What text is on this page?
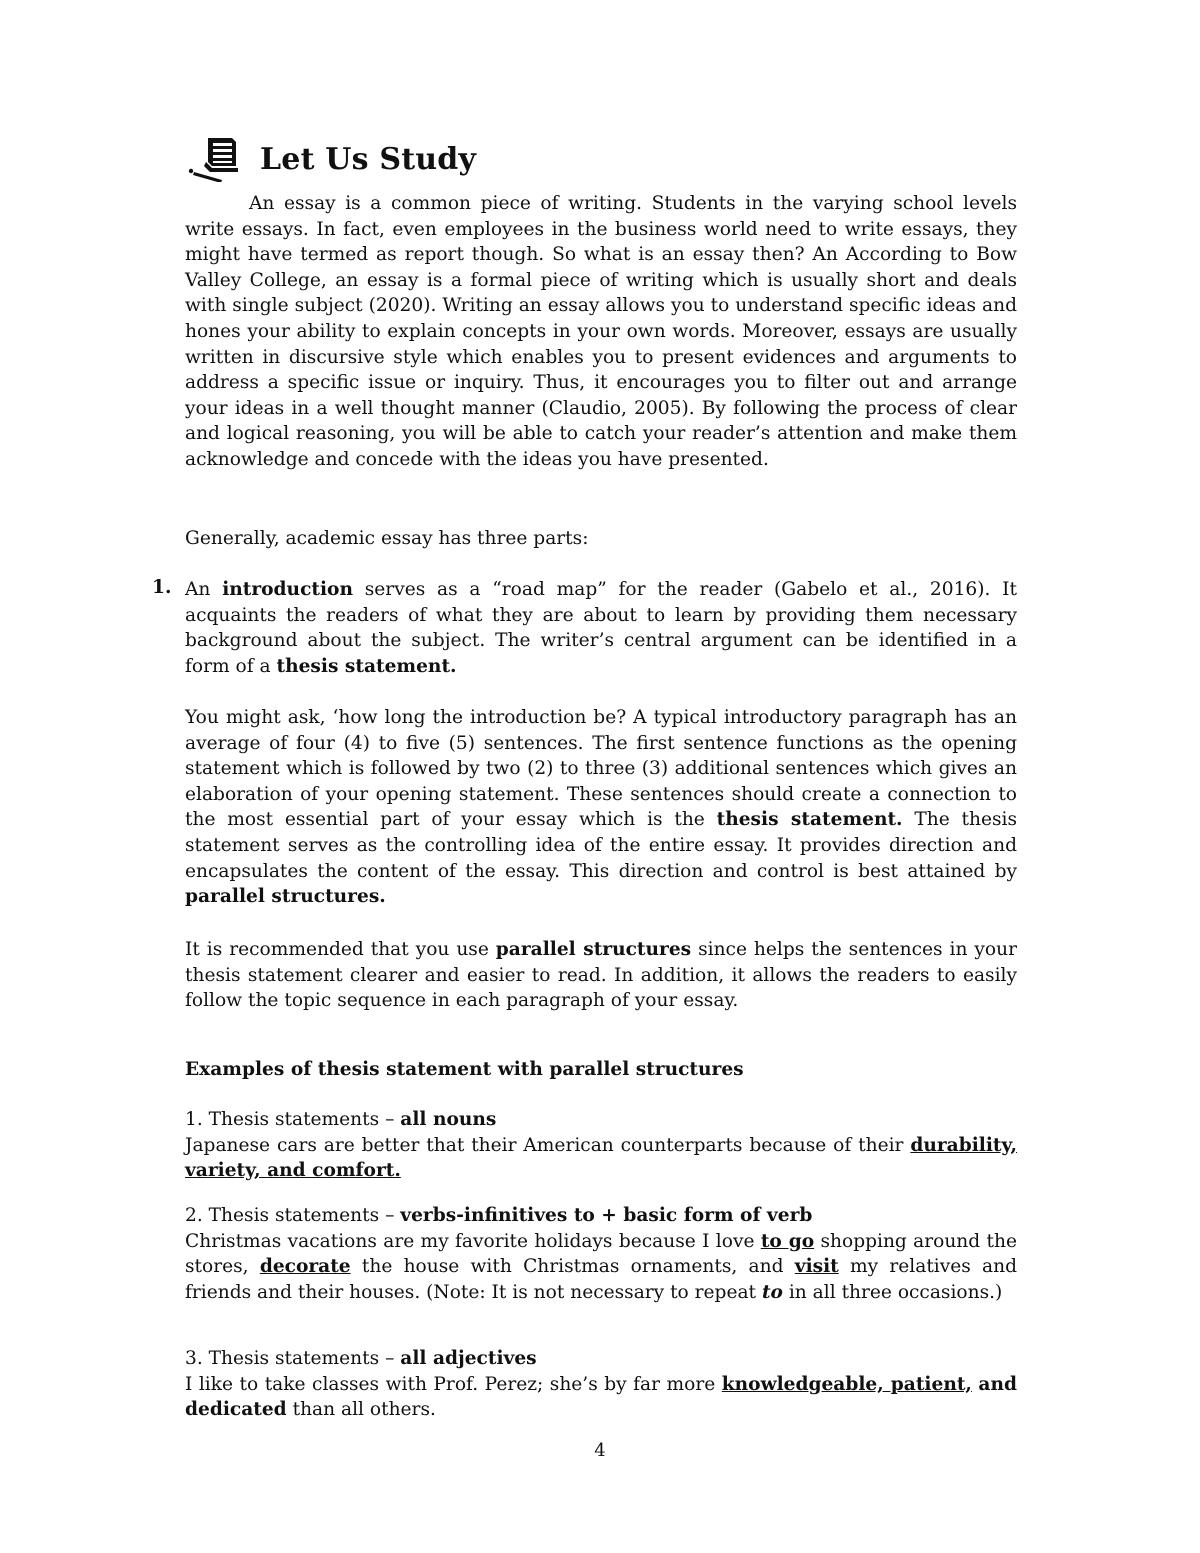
Let Us Study

An essay is a common piece of writing. Students in the varying school levels write essays. In fact, even employees in the business world need to write essays, they might have termed as report though. So what is an essay then? An According to Bow Valley College, an essay is a formal piece of writing which is usually short and deals with single subject (2020). Writing an essay allows you to understand specific ideas and hones your ability to explain concepts in your own words. Moreover, essays are usually written in discursive style which enables you to present evidences and arguments to address a specific issue or inquiry. Thus, it encourages you to filter out and arrange your ideas in a well thought manner (Claudio, 2005). By following the process of clear and logical reasoning, you will be able to catch your reader’s attention and make them acknowledge and concede with the ideas you have presented.

Generally, academic essay has three parts:

1. An introduction serves as a “road map” for the reader (Gabelo et al., 2016). It acquaints the readers of what they are about to learn by providing them necessary background about the subject. The writer’s central argument can be identified in a form of a thesis statement.

You might ask, ‘how long the introduction be? A typical introductory paragraph has an average of four (4) to five (5) sentences. The first sentence functions as the opening statement which is followed by two (2) to three (3) additional sentences which gives an elaboration of your opening statement. These sentences should create a connection to the most essential part of your essay which is the thesis statement. The thesis statement serves as the controlling idea of the entire essay. It provides direction and encapsulates the content of the essay. This direction and control is best attained by parallel structures.

It is recommended that you use parallel structures since helps the sentences in your thesis statement clearer and easier to read. In addition, it allows the readers to easily follow the topic sequence in each paragraph of your essay.

Examples of thesis statement with parallel structures

1. Thesis statements – all nouns

Japanese cars are better that their American counterparts because of their durability, variety, and comfort.

2. Thesis statements – verbs-infinitives to + basic form of verb

Christmas vacations are my favorite holidays because I love to go shopping around the stores, decorate the house with Christmas ornaments, and visit my relatives and friends and their houses. (Note: It is not necessary to repeat to in all three occasions.)

3. Thesis statements – all adjectives

I like to take classes with Prof. Perez; she’s by far more knowledgeable, patient, and dedicated than all others.

4
